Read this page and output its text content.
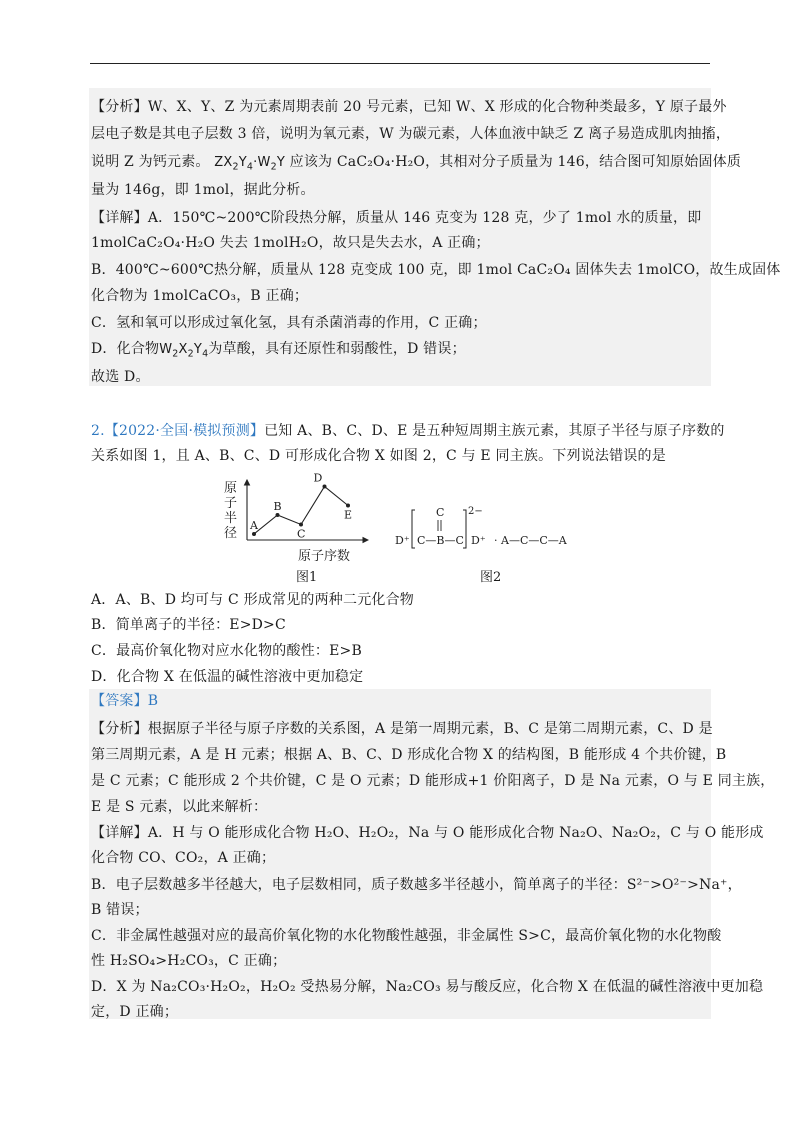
【分析】W、X、Y、Z 为元素周期表前 20 号元素，已知 W、X 形成的化合物种类最多，Y 原子最外
层电子数是其电子层数 3 倍，说明为氧元素，W 为碳元素，人体血液中缺乏 Z 离子易造成肌肉抽搐，
说明 Z 为钙元素。 $ZX_2Y_4\cdot W_2Y$ 应该为 CaC₂O₄·H₂O，其相对分子质量为 146，结合图可知原始固体质
量为 146g，即 1mol，据此分析。
【详解】A．150℃~200℃阶段热分解，质量从 146 克变为 128 克，少了 1mol 水的质量，即
1molCaC₂O₄·H₂O 失去 1molH₂O，故只是失去水，A 正确；
B．400℃~600℃热分解，质量从 128 克变成 100 克，即 1mol CaC₂O₄ 固体失去 1molCO，故生成固体
化合物为 1molCaCO₃，B 正确；
C．氢和氧可以形成过氧化氢，具有杀菌消毒的作用，C 正确；
D．化合物$W_2X_2Y_4$为草酸，具有还原性和弱酸性，D 错误；
故选 D。
2.【2022·全国·模拟预测】已知 A、B、C、D、E 是五种短周期主族元素，其原子半径与原子序数的
关系如图 1，且 A、B、C、D 可形成化合物 X 如图 2，C 与 E 同主族。下列说法错误的是
原
子
半
径
原子序数
A
B
C
D
E
图1
C
D⁺ C—B—C
2−
D⁺ · A—C—C—A
图2
A．A、B、D 均可与 C 形成常见的两种二元化合物
B．简单离子的半径：E>D>C
C．最高价氧化物对应水化物的酸性：E>B
D．化合物 X 在低温的碱性溶液中更加稳定
【答案】B
【分析】根据原子半径与原子序数的关系图，A 是第一周期元素，B、C 是第二周期元素，C、D 是
第三周期元素，A 是 H 元素；根据 A、B、C、D 形成化合物 X 的结构图，B 能形成 4 个共价键，B
是 C 元素；C 能形成 2 个共价键，C 是 O 元素；D 能形成+1 价阳离子，D 是 Na 元素，O 与 E 同主族，
E 是 S 元素，以此来解析：
【详解】A．H 与 O 能形成化合物 H₂O、H₂O₂，Na 与 O 能形成化合物 Na₂O、Na₂O₂，C 与 O 能形成
化合物 CO、CO₂，A 正确；
B．电子层数越多半径越大，电子层数相同，质子数越多半径越小，简单离子的半径：S²⁻>O²⁻>Na⁺，
B 错误；
C．非金属性越强对应的最高价氧化物的水化物酸性越强，非金属性 S>C，最高价氧化物的水化物酸
性 H₂SO₄>H₂CO₃，C 正确；
D．X 为 Na₂CO₃·H₂O₂，H₂O₂ 受热易分解，Na₂CO₃ 易与酸反应，化合物 X 在低温的碱性溶液中更加稳
定，D 正确；
